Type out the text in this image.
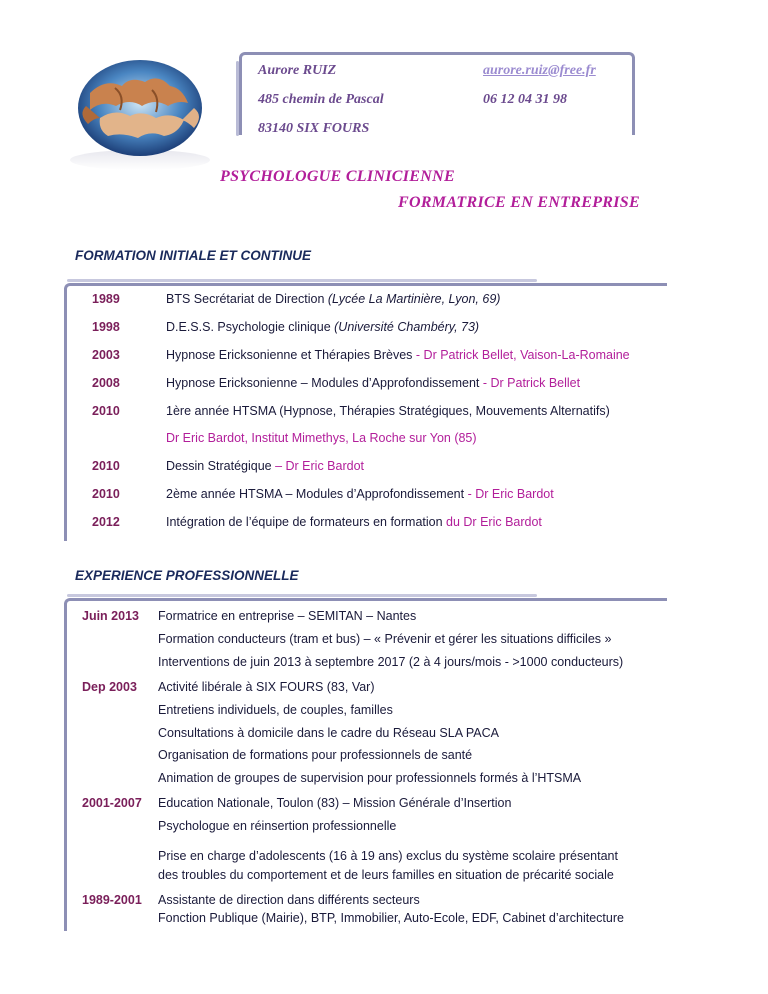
Aurore RUIZ	aurore.ruiz@free.fr
485 chemin de Pascal	06 12 04 31 98
83140 SIX FOURS
PSYCHOLOGUE CLINICIENNE
FORMATRICE EN ENTREPRISE
FORMATION INITIALE ET CONTINUE
1989	BTS Secrétariat de Direction (Lycée La Martinière, Lyon, 69)
1998	D.E.S.S. Psychologie clinique (Université Chambéry, 73)
2003	Hypnose Ericksonienne et Thérapies Brèves - Dr Patrick Bellet, Vaison-La-Romaine
2008	Hypnose Ericksonienne – Modules d’Approfondissement - Dr Patrick Bellet
2010	1ère année HTSMA (Hypnose, Thérapies Stratégiques, Mouvements Alternatifs)
Dr Eric Bardot, Institut Mimethys, La Roche sur Yon (85)
2010	Dessin Stratégique – Dr Eric Bardot
2010	2ème année HTSMA – Modules d’Approfondissement - Dr Eric Bardot
2012	Intégration de l’équipe de formateurs en formation du Dr Eric Bardot
EXPERIENCE PROFESSIONNELLE
Juin 2013 Formatrice en entreprise – SEMITAN – Nantes
Formation conducteurs (tram et bus) – « Prévenir et gérer les situations difficiles »
Interventions de juin 2013 à septembre 2017 (2 à 4 jours/mois - >1000 conducteurs)
Dep 2003 Activité libérale à SIX FOURS (83, Var)
Entretiens individuels, de couples, familles
Consultations à domicile dans le cadre du Réseau SLA PACA
Organisation de formations pour professionnels de santé
Animation de groupes de supervision pour professionnels formés à l’HTSMA
2001-2007 Education Nationale, Toulon (83) – Mission Générale d’Insertion
Psychologue en réinsertion professionnelle
Prise en charge d’adolescents (16 à 19 ans) exclus du système scolaire présentant
des troubles du comportement et de leurs familles en situation de précarité sociale
1989-2001 Assistante de direction dans différents secteurs
Fonction Publique (Mairie), BTP, Immobilier, Auto-Ecole, EDF, Cabinet d’architecture
